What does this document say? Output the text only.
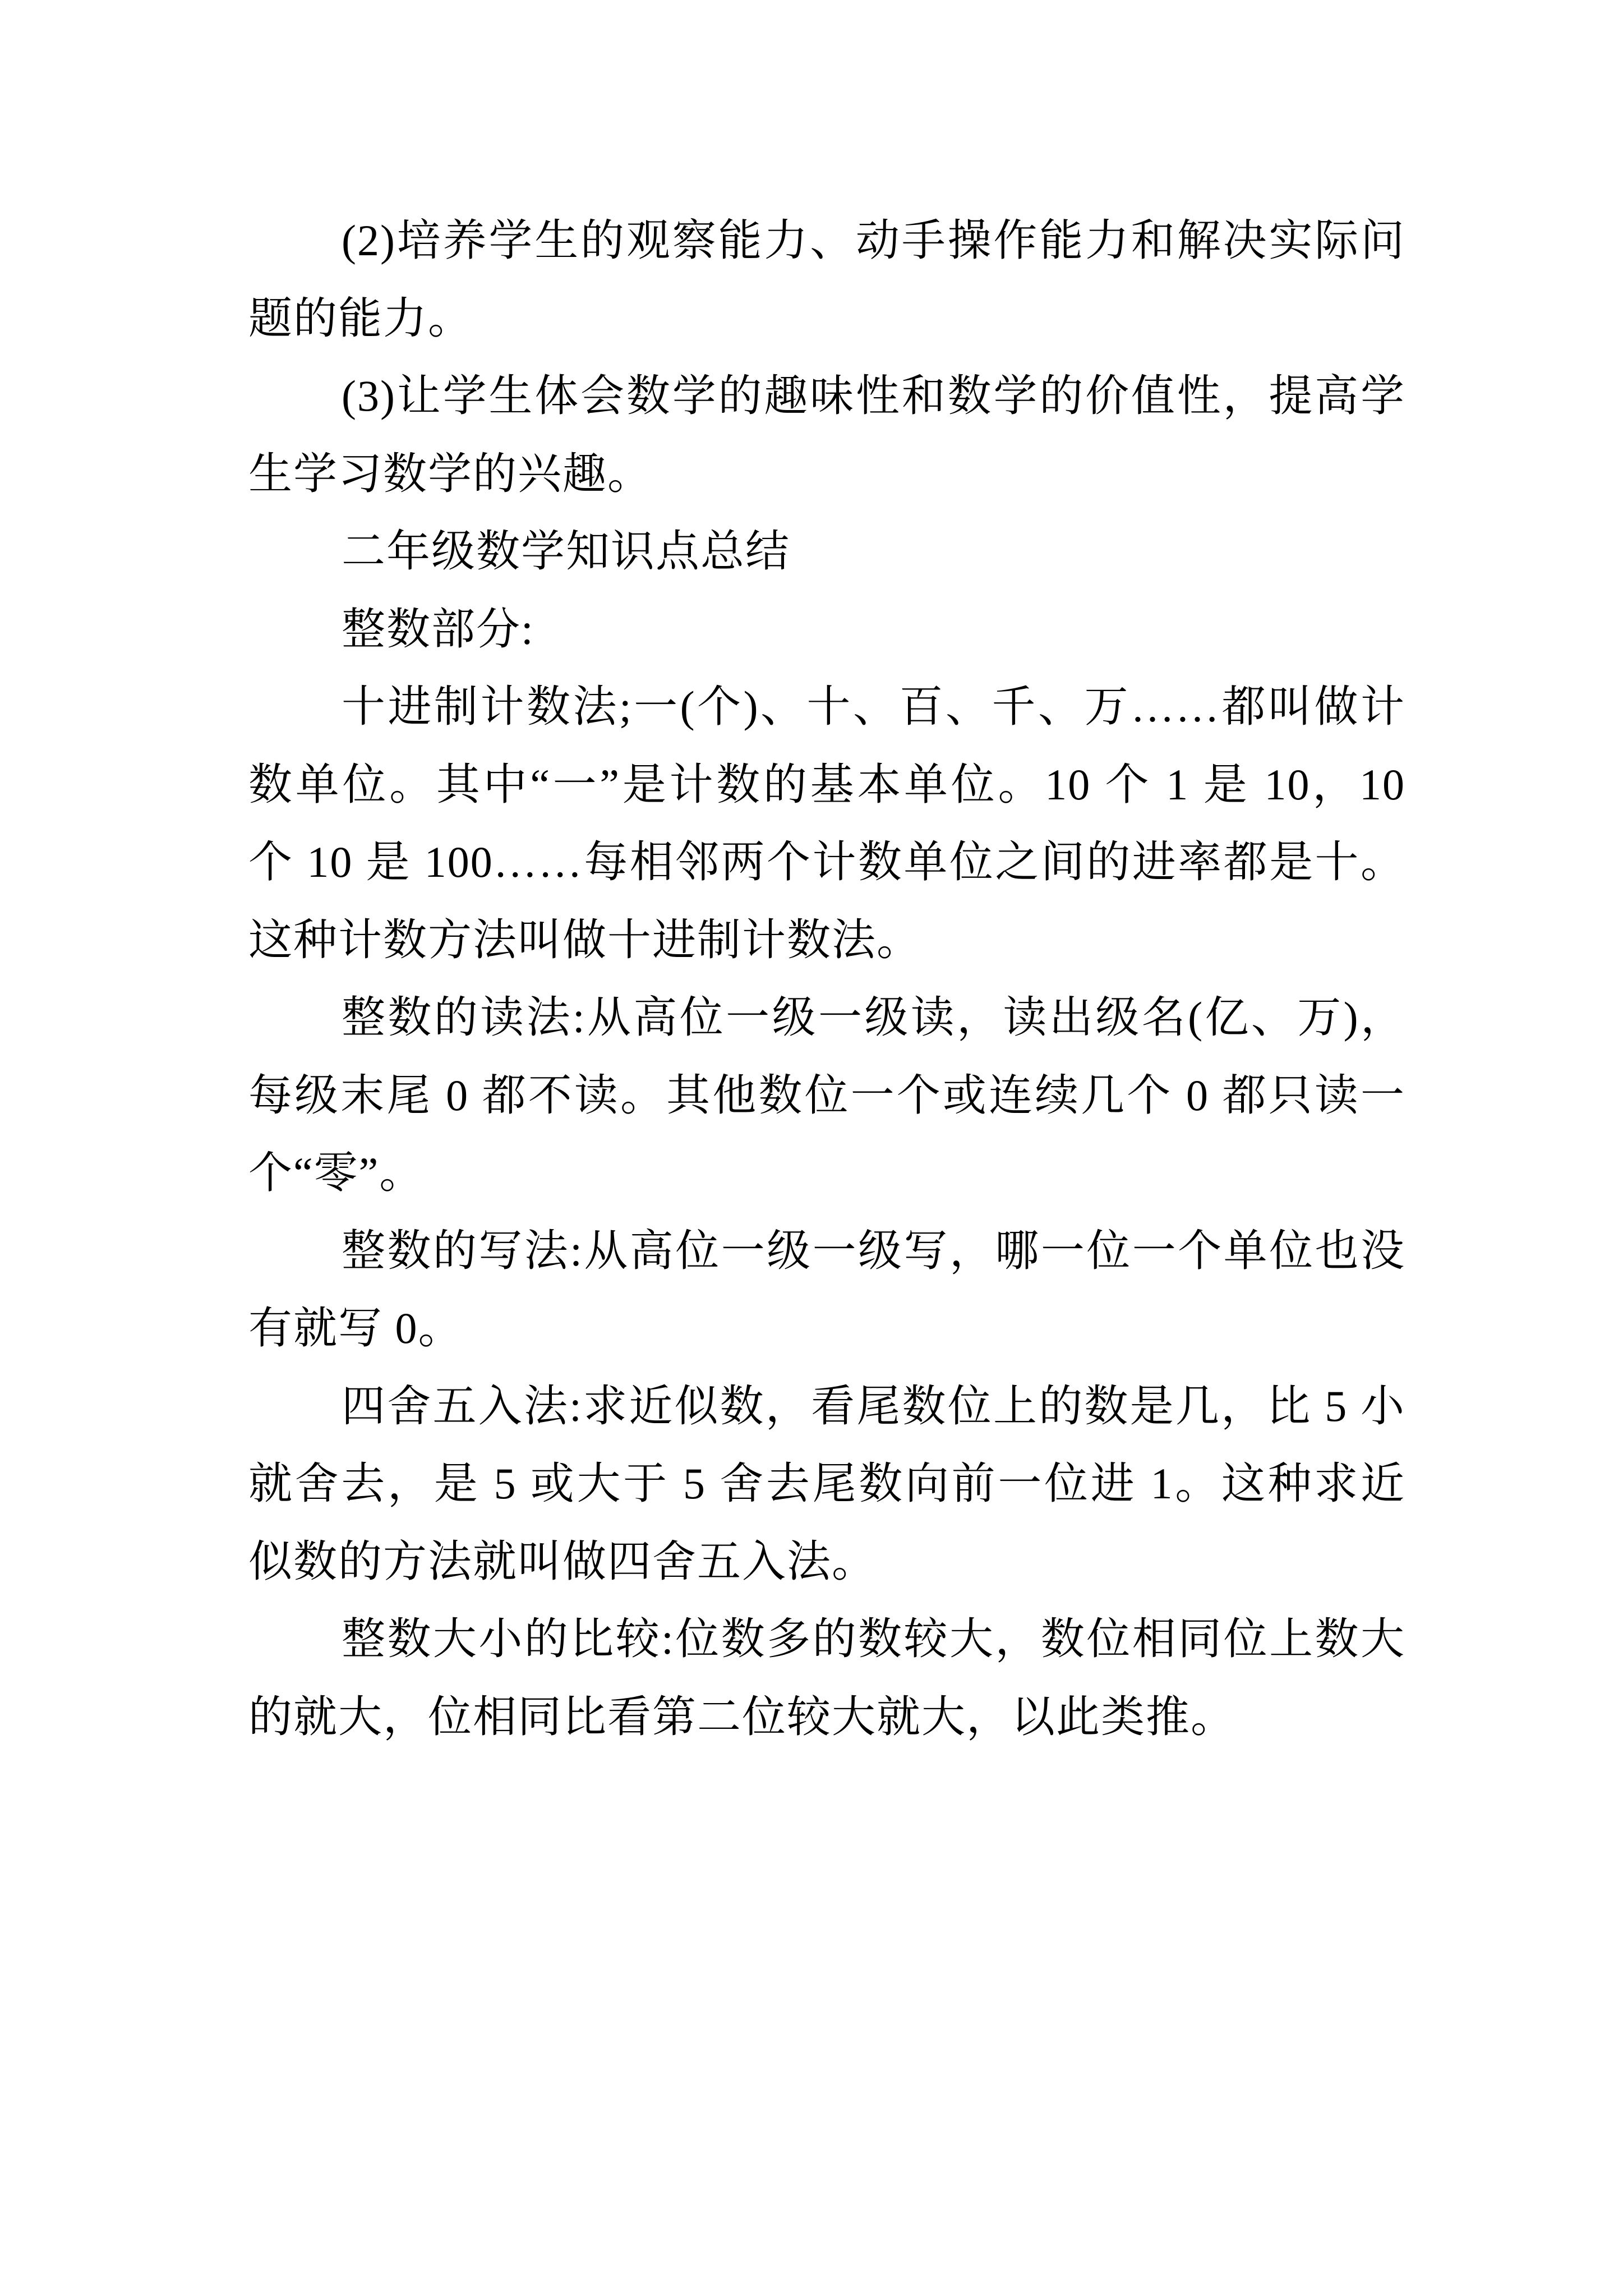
(2)培养学生的观察能力、动手操作能力和解决实际问题的能力。

(3)让学生体会数学的趣味性和数学的价值性，提高学生学习数学的兴趣。

二年级数学知识点总结

整数部分:

十进制计数法;一(个)、十、百、千、万……都叫做计数单位。其中“一”是计数的基本单位。10 个 1 是 10，10 个 10 是 100……每相邻两个计数单位之间的进率都是十。这种计数方法叫做十进制计数法。

整数的读法:从高位一级一级读，读出级名(亿、万)，每级末尾 0 都不读。其他数位一个或连续几个 0 都只读一个“零”。

整数的写法:从高位一级一级写，哪一位一个单位也没有就写 0。

四舍五入法:求近似数，看尾数位上的数是几，比 5 小就舍去，是 5 或大于 5 舍去尾数向前一位进 1。这种求近似数的方法就叫做四舍五入法。

整数大小的比较:位数多的数较大，数位相同位上数大的就大，位相同比看第二位较大就大，以此类推。
